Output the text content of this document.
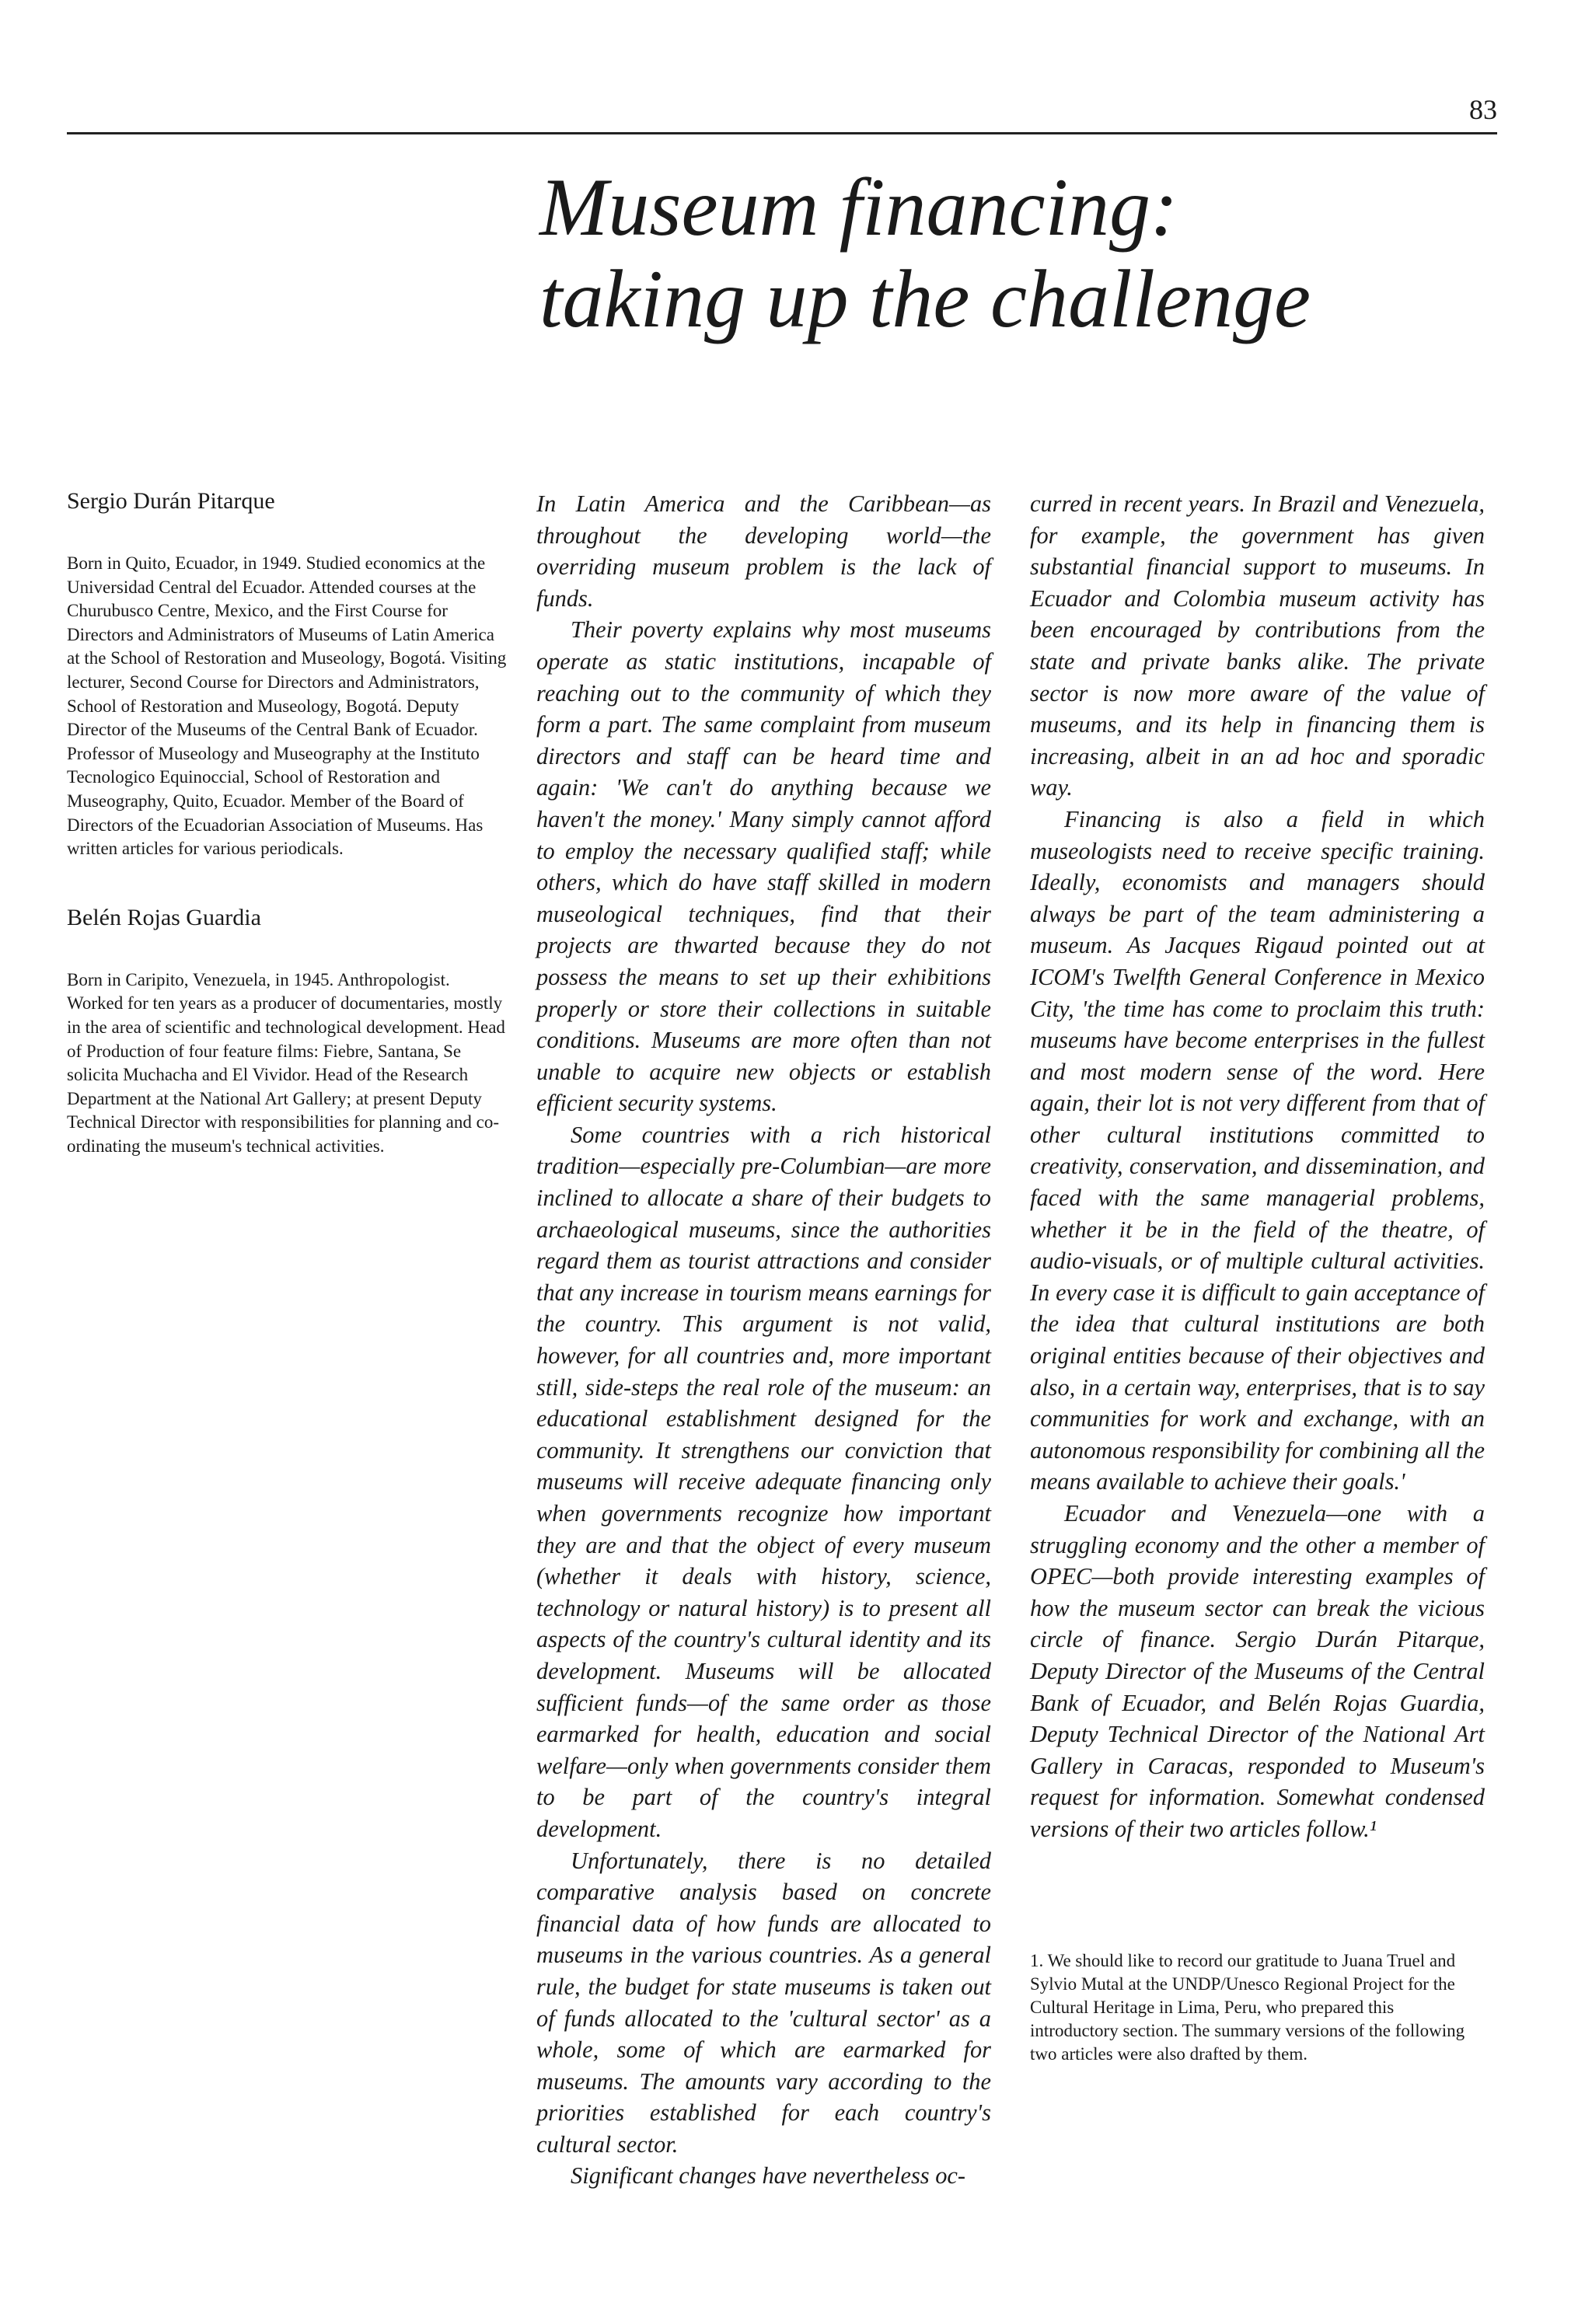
83
Museum financing:
taking up the challenge
Sergio Durán Pitarque

Born in Quito, Ecuador, in 1949. Studied economics at the Universidad Central del Ecuador. Attended courses at the Churubusco Centre, Mexico, and the First Course for Directors and Administrators of Museums of Latin America at the School of Restoration and Museology, Bogotá. Visiting lecturer, Second Course for Directors and Administrators, School of Restoration and Museology, Bogotá. Deputy Director of the Museums of the Central Bank of Ecuador. Professor of Museology and Museography at the Instituto Tecnologico Equinoccial, School of Restoration and Museography, Quito, Ecuador. Member of the Board of Directors of the Ecuadorian Association of Museums. Has written articles for various periodicals.

Belén Rojas Guardia

Born in Caripito, Venezuela, in 1945. Anthropologist. Worked for ten years as a producer of documentaries, mostly in the area of scientific and technological development. Head of Production of four feature films: Fiebre, Santana, Se solicita Muchacha and El Vividor. Head of the Research Department at the National Art Gallery; at present Deputy Technical Director with responsibilities for planning and co-ordinating the museum's technical activities.

In Latin America and the Caribbean—as throughout the developing world—the overriding museum problem is the lack of funds.

Their poverty explains why most museums operate as static institutions, incapable of reaching out to the community of which they form a part. The same complaint from museum directors and staff can be heard time and again: 'We can't do anything because we haven't the money.' Many simply cannot afford to employ the necessary qualified staff; while others, which do have staff skilled in modern museological techniques, find that their projects are thwarted because they do not possess the means to set up their exhibitions properly or store their collections in suitable conditions. Museums are more often than not unable to acquire new objects or establish efficient security systems.

Some countries with a rich historical tradition—especially pre-Columbian—are more inclined to allocate a share of their budgets to archaeological museums, since the authorities regard them as tourist attractions and consider that any increase in tourism means earnings for the country. This argument is not valid, however, for all countries and, more important still, side-steps the real role of the museum: an educational establishment designed for the community. It strengthens our conviction that museums will receive adequate financing only when governments recognize how important they are and that the object of every museum (whether it deals with history, science, technology or natural history) is to present all aspects of the country's cultural identity and its development. Museums will be allocated sufficient funds—of the same order as those earmarked for health, education and social welfare—only when governments consider them to be part of the country's integral development.

Unfortunately, there is no detailed comparative analysis based on concrete financial data of how funds are allocated to museums in the various countries. As a general rule, the budget for state museums is taken out of funds allocated to the 'cultural sector' as a whole, some of which are earmarked for museums. The amounts vary according to the priorities established for each country's cultural sector.

Significant changes have nevertheless oc-

curred in recent years. In Brazil and Venezuela, for example, the government has given substantial financial support to museums. In Ecuador and Colombia museum activity has been encouraged by contributions from the state and private banks alike. The private sector is now more aware of the value of museums, and its help in financing them is increasing, albeit in an ad hoc and sporadic way.

Financing is also a field in which museologists need to receive specific training. Ideally, economists and managers should always be part of the team administering a museum. As Jacques Rigaud pointed out at ICOM's Twelfth General Conference in Mexico City, 'the time has come to proclaim this truth: museums have become enterprises in the fullest and most modern sense of the word. Here again, their lot is not very different from that of other cultural institutions committed to creativity, conservation, and dissemination, and faced with the same managerial problems, whether it be in the field of the theatre, of audio-visuals, or of multiple cultural activities. In every case it is difficult to gain acceptance of the idea that cultural institutions are both original entities because of their objectives and also, in a certain way, enterprises, that is to say communities for work and exchange, with an autonomous responsibility for combining all the means available to achieve their goals.'

Ecuador and Venezuela—one with a struggling economy and the other a member of OPEC—both provide interesting examples of how the museum sector can break the vicious circle of finance. Sergio Durán Pitarque, Deputy Director of the Museums of the Central Bank of Ecuador, and Belén Rojas Guardia, Deputy Technical Director of the National Art Gallery in Caracas, responded to Museum's request for information. Somewhat condensed versions of their two articles follow.¹

1. We should like to record our gratitude to Juana Truel and Sylvio Mutal at the UNDP/Unesco Regional Project for the Cultural Heritage in Lima, Peru, who prepared this introductory section. The summary versions of the following two articles were also drafted by them.
